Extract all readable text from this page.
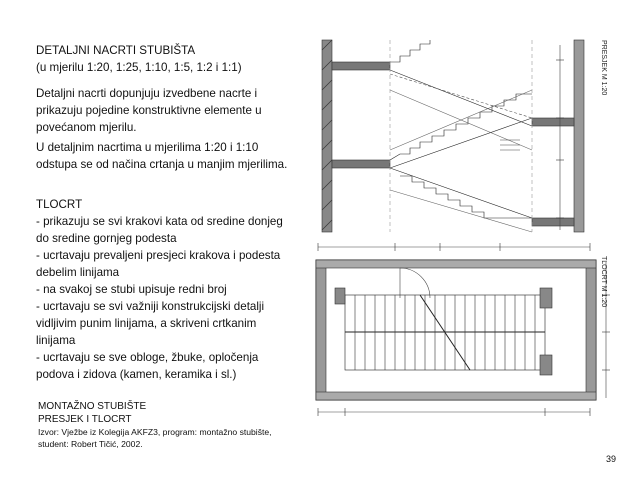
DETALJNI NACRTI STUBIŠTA

(u mjerilu 1:20, 1:25, 1:10, 1:5, 1:2 i 1:1)

Detaljni nacrti dopunjuju izvedbene nacrte i prikazuju pojedine konstruktivne elemente u povećanom mjerilu.

U detaljnim nacrtima u mjerilima 1:20 i 1:10 odstupa se od načina crtanja u manjim mjerilima.

TLOCRT

- prikazuju se svi krakovi kata od sredine donjeg do sredine gornjeg podesta

- ucrtavaju prevaljeni presjeci krakova i podesta debelim linijama

- na svakoj se stubi upisuje redni broj

- ucrtavaju se svi važniji konstrukcijski detalji vidljivim punim linijama, a skriveni crtkanim linijama

- ucrtavaju se sve obloge, žbuke, opločenja podova i zidova (kamen, keramika i sl.)

MONTAŽNO STUBIŠTE

PRESJEK I TLOCRT

Izvor: Vježbe iz Kolegija AKFZ3, program: montažno stubište, student: Robert Tičić, 2002.

39
PRESJEK M 1:20
TLOCRT M 1:20
